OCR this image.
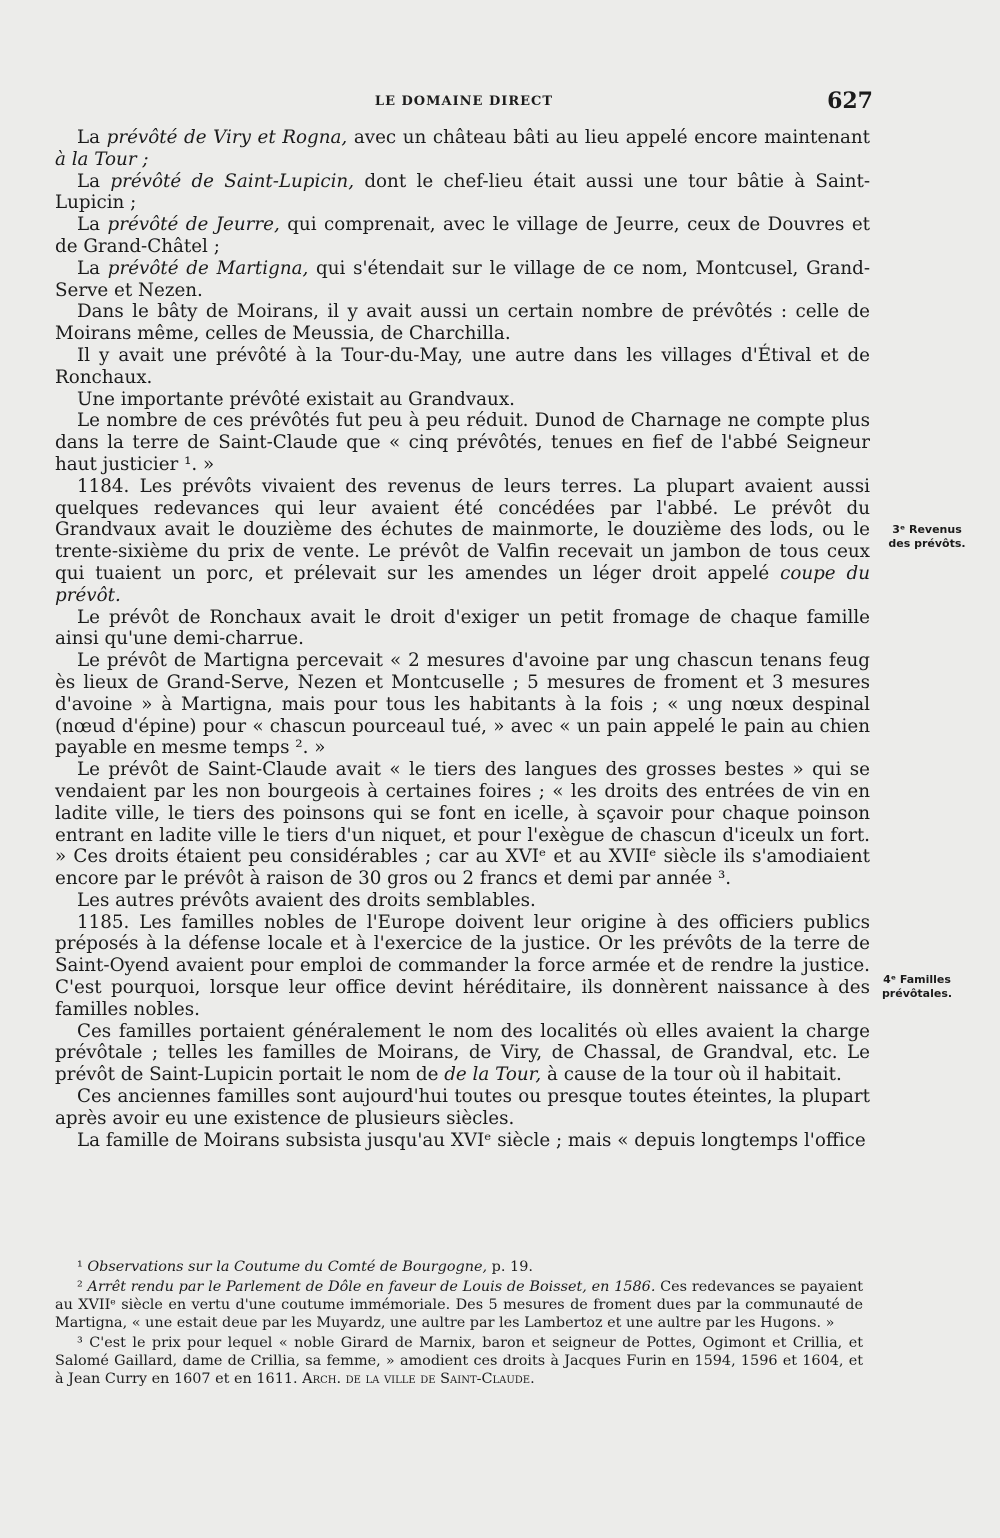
LE DOMAINE DIRECT	627

La prévôté de Viry et Rogna, avec un château bâti au lieu appelé encore maintenant à la Tour ;

La prévôté de Saint-Lupicin, dont le chef-lieu était aussi une tour bâtie à Saint-Lupicin ;

La prévôté de Jeurre, qui comprenait, avec le village de Jeurre, ceux de Douvres et de Grand-Châtel ;

La prévôté de Martigna, qui s'étendait sur le village de ce nom, Montcusel, Grand-Serve et Nezen.

Dans le bâty de Moirans, il y avait aussi un certain nombre de prévôtés : celle de Moirans même, celles de Meussia, de Charchilla.

Il y avait une prévôté à la Tour-du-May, une autre dans les villages d'Étival et de Ronchaux.

Une importante prévôté existait au Grandvaux.

Le nombre de ces prévôtés fut peu à peu réduit. Dunod de Charnage ne compte plus dans la terre de Saint-Claude que « cinq prévôtés, tenues en fief de l'abbé Seigneur haut justicier ¹. »

1184. Les prévôts vivaient des revenus de leurs terres. La plupart avaient aussi quelques redevances qui leur avaient été concédées par l'abbé. Le prévôt du Grandvaux avait le douzième des échutes de mainmorte, le douzième des lods, ou le trente-sixième du prix de vente. Le prévôt de Valfin recevait un jambon de tous ceux qui tuaient un porc, et prélevait sur les amendes un léger droit appelé coupe du prévôt.

Le prévôt de Ronchaux avait le droit d'exiger un petit fromage de chaque famille ainsi qu'une demi-charrue.

Le prévôt de Martigna percevait « 2 mesures d'avoine par ung chascun tenans feug ès lieux de Grand-Serve, Nezen et Montcuselle ; 5 mesures de froment et 3 mesures d'avoine » à Martigna, mais pour tous les habitants à la fois ; « ung nœux despinal (nœud d'épine) pour « chascun pourceaul tué, » avec « un pain appelé le pain au chien payable en mesme temps ². »

Le prévôt de Saint-Claude avait « le tiers des langues des grosses bestes » qui se vendaient par les non bourgeois à certaines foires ; « les droits des entrées de vin en ladite ville, le tiers des poinsons qui se font en icelle, à sçavoir pour chaque poinson entrant en ladite ville le tiers d'un niquet, et pour l'exègue de chascun d'iceulx un fort. » Ces droits étaient peu considérables ; car au XVIᵉ et au XVIIᵉ siècle ils s'amodiaient encore par le prévôt à raison de 30 gros ou 2 francs et demi par année ³.

Les autres prévôts avaient des droits semblables.

1185. Les familles nobles de l'Europe doivent leur origine à des officiers publics préposés à la défense locale et à l'exercice de la justice. Or les prévôts de la terre de Saint-Oyend avaient pour emploi de commander la force armée et de rendre la justice. C'est pourquoi, lorsque leur office devint héréditaire, ils donnèrent naissance à des familles nobles.

Ces familles portaient généralement le nom des localités où elles avaient la charge prévôtale ; telles les familles de Moirans, de Viry, de Chassal, de Grandval, etc. Le prévôt de Saint-Lupicin portait le nom de de la Tour, à cause de la tour où il habitait.

Ces anciennes familles sont aujourd'hui toutes ou presque toutes éteintes, la plupart après avoir eu une existence de plusieurs siècles.

La famille de Moirans subsista jusqu'au XVIᵉ siècle ; mais « depuis longtemps l'office

3ᵉ Revenus
des prévôts.
4ᵉ Familles
prévôtales.

¹ Observations sur la Coutume du Comté de Bourgogne, p. 19.

² Arrêt rendu par le Parlement de Dôle en faveur de Louis de Boisset, en 1586. Ces redevances se payaient au XVIIᵉ siècle en vertu d'une coutume immémoriale. Des 5 mesures de froment dues par la communauté de Martigna, « une estait deue par les Muyardz, une aultre par les Lambertoz et une aultre par les Hugons. »

³ C'est le prix pour lequel « noble Girard de Marnix, baron et seigneur de Pottes, Ogimont et Crillia, et Salomé Gaillard, dame de Crillia, sa femme, » amodient ces droits à Jacques Furin en 1594, 1596 et 1604, et à Jean Curry en 1607 et en 1611. Arch. de la ville de Saint-Claude.
